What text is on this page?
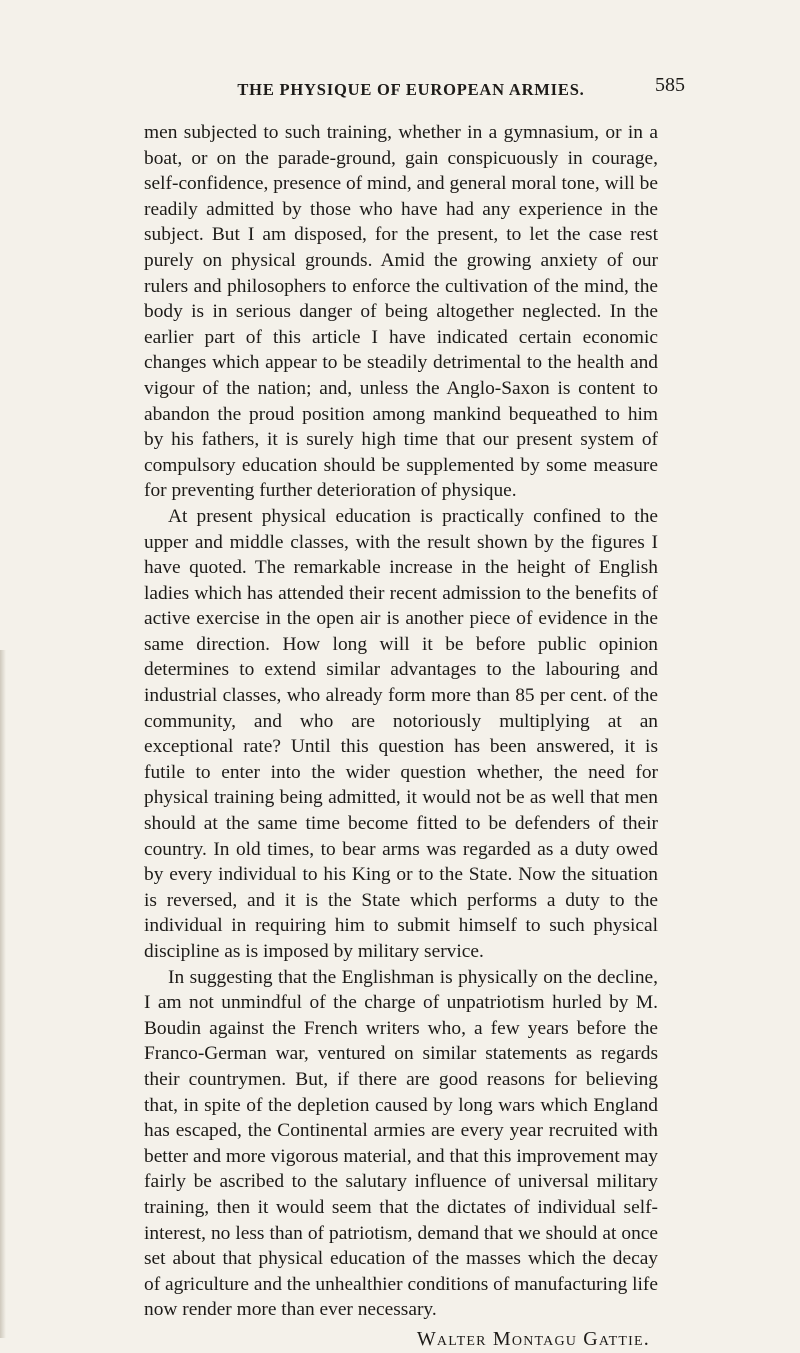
THE PHYSIQUE OF EUROPEAN ARMIES.	585

men subjected to such training, whether in a gymnasium, or in a boat, or on the parade-ground, gain conspicuously in courage, self-confidence, presence of mind, and general moral tone, will be readily admitted by those who have had any experience in the subject. But I am disposed, for the present, to let the case rest purely on physical grounds. Amid the growing anxiety of our rulers and philosophers to enforce the cultivation of the mind, the body is in serious danger of being altogether neglected. In the earlier part of this article I have indicated certain economic changes which appear to be steadily detrimental to the health and vigour of the nation; and, unless the Anglo-Saxon is content to abandon the proud position among mankind bequeathed to him by his fathers, it is surely high time that our present system of compulsory education should be supplemented by some measure for preventing further deterioration of physique.

At present physical education is practically confined to the upper and middle classes, with the result shown by the figures I have quoted. The remarkable increase in the height of English ladies which has attended their recent admission to the benefits of active exercise in the open air is another piece of evidence in the same direction. How long will it be before public opinion determines to extend similar advantages to the labouring and industrial classes, who already form more than 85 per cent. of the community, and who are notoriously multiplying at an exceptional rate? Until this question has been answered, it is futile to enter into the wider question whether, the need for physical training being admitted, it would not be as well that men should at the same time become fitted to be defenders of their country. In old times, to bear arms was regarded as a duty owed by every individual to his King or to the State. Now the situation is reversed, and it is the State which performs a duty to the individual in requiring him to submit himself to such physical discipline as is imposed by military service.

In suggesting that the Englishman is physically on the decline, I am not unmindful of the charge of unpatriotism hurled by M. Boudin against the French writers who, a few years before the Franco-German war, ventured on similar statements as regards their countrymen. But, if there are good reasons for believing that, in spite of the depletion caused by long wars which England has escaped, the Continental armies are every year recruited with better and more vigorous material, and that this improvement may fairly be ascribed to the salutary influence of universal military training, then it would seem that the dictates of individual self-interest, no less than of patriotism, demand that we should at once set about that physical education of the masses which the decay of agriculture and the unhealthier conditions of manufacturing life now render more than ever necessary.

Walter Montagu Gattie.
